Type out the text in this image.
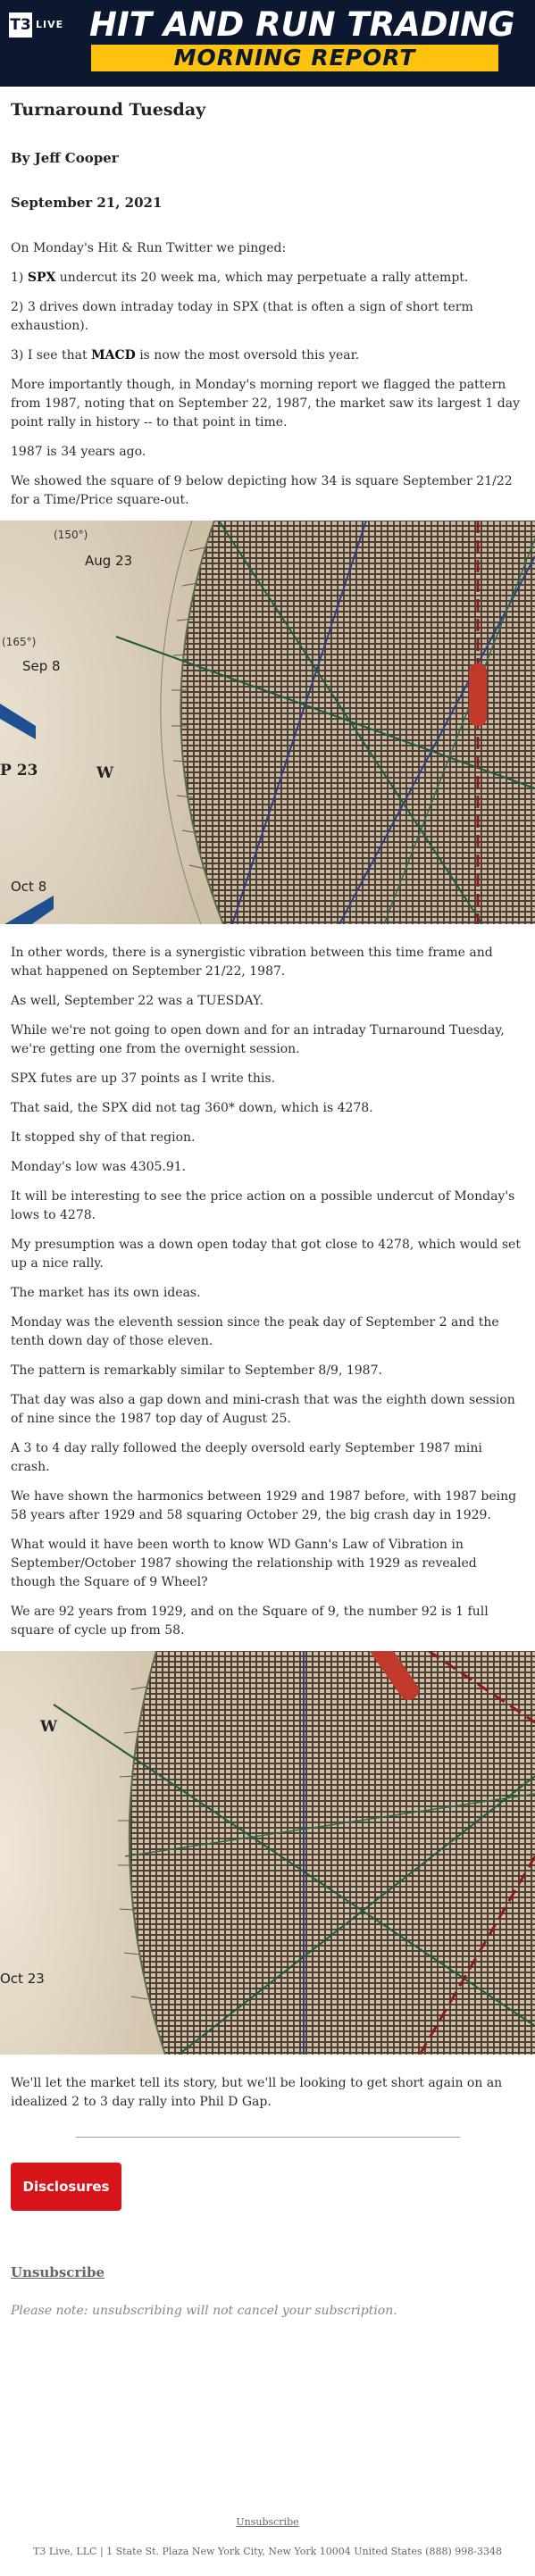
T3 LIVE HIT AND RUN TRADING
MORNING REPORT
Turnaround Tuesday
By Jeff Cooper
September 21, 2021

On Monday's Hit & Run Twitter we pinged:

1) SPX undercut its 20 week ma, which may perpetuate a rally attempt.

2) 3 drives down intraday today in SPX (that is often a sign of short term exhaustion).

3) I see that MACD is now the most oversold this year.

More importantly though, in Monday's morning report we flagged the pattern from 1987, noting that on September 22, 1987, the market saw its largest 1 day point rally in history -- to that point in time.

1987 is 34 years ago.

We showed the square of 9 below depicting how 34 is square September 21/22 for a Time/Price square-out.

(150°)
Aug 23
(165°)
Sep 8
P 23	W
Oct 8

In other words, there is a synergistic vibration between this time frame and what happened on September 21/22, 1987.

As well, September 22 was a TUESDAY.

While we're not going to open down and for an intraday Turnaround Tuesday, we're getting one from the overnight session.

SPX futes are up 37 points as I write this.

That said, the SPX did not tag 360* down, which is 4278.

It stopped shy of that region.

Monday's low was 4305.91.

It will be interesting to see the price action on a possible undercut of Monday's lows to 4278.

My presumption was a down open today that got close to 4278, which would set up a nice rally.

The market has its own ideas.

Monday was the eleventh session since the peak day of September 2 and the tenth down day of those eleven.

The pattern is remarkably similar to September 8/9, 1987.

That day was also a gap down and mini-crash that was the eighth down session of nine since the 1987 top day of August 25.

A 3 to 4 day rally followed the deeply oversold early September 1987 mini crash.

We have shown the harmonics between 1929 and 1987 before, with 1987 being 58 years after 1929 and 58 squaring October 29, the big crash day in 1929.

What would it have been worth to know WD Gann's Law of Vibration in September/October 1987 showing the relationship with 1929 as revealed though the Square of 9 Wheel?

We are 92 years from 1929, and on the Square of 9, the number 92 is 1 full square of cycle up from 58.

W
Oct 23

We'll let the market tell its story, but we'll be looking to get short again on an idealized 2 to 3 day rally into Phil D Gap.

Disclosures
Unsubscribe

Please note: unsubscribing will not cancel your subscription.

Unsubscribe
T3 Live, LLC | 1 State St. Plaza New York City, New York 10004 United States (888) 998-3348
